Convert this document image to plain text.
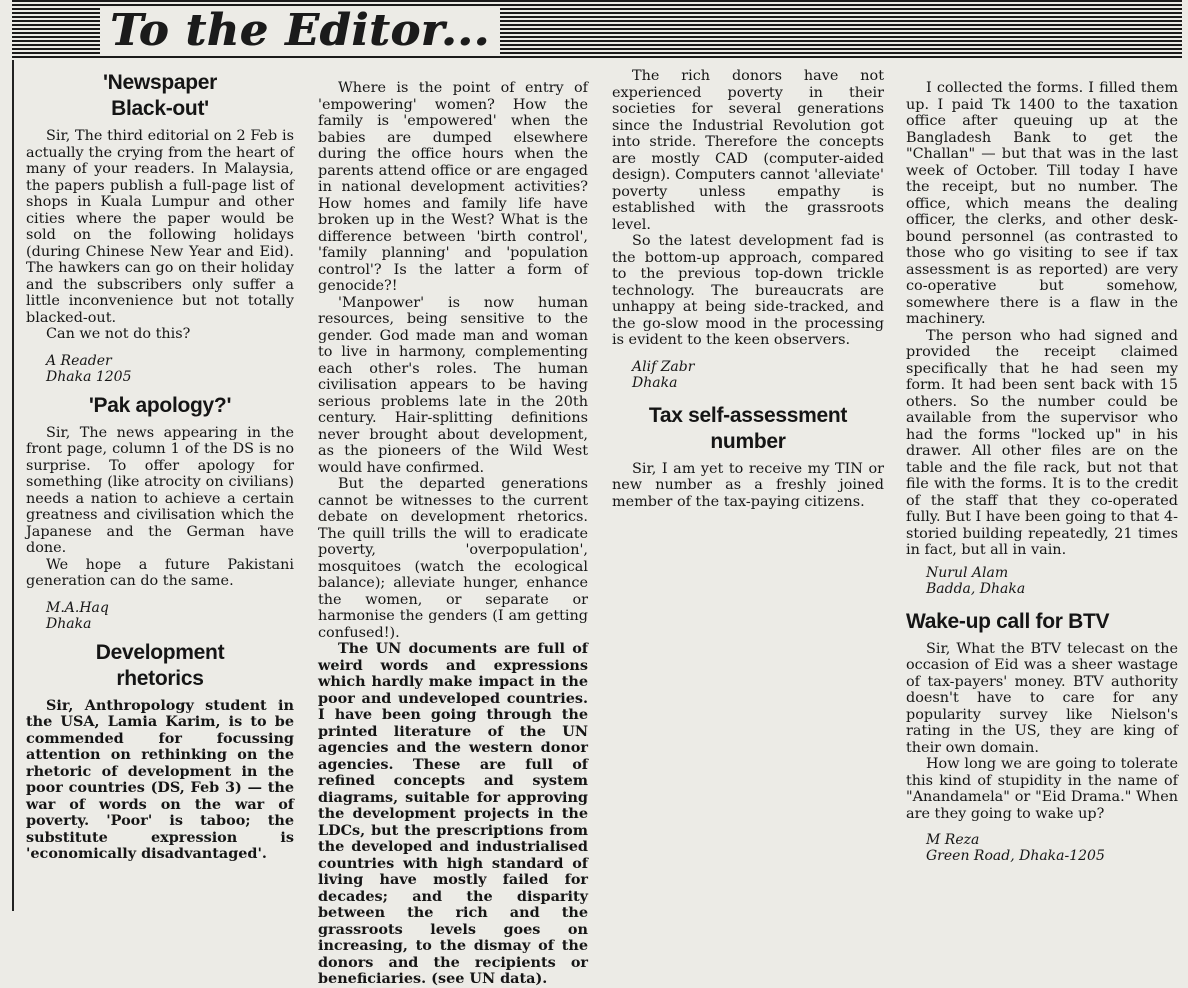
To the Editor...
'Newspaper
Black-out'

Sir, The third editorial on 2 Feb is actually the crying from the heart of many of your readers. In Malaysia, the papers publish a full-page list of shops in Kuala Lumpur and other cities where the paper would be sold on the following holidays (during Chinese New Year and Eid). The hawkers can go on their holiday and the subscribers only suffer a little inconvenience but not totally blacked-out.

Can we not do this?

A Reader

Dhaka 1205

'Pak apology?'

Sir, The news appearing in the front page, column 1 of the DS is no surprise. To offer apology for something (like atrocity on civilians) needs a nation to achieve a certain greatness and civilisation which the Japanese and the German have done.

We hope a future Pakistani generation can do the same.

M.A.Haq

Dhaka

Development
rhetorics

Sir, Anthropology student in the USA, Lamia Karim, is to be commended for focussing attention on rethinking on the rhetoric of development in the poor countries (DS, Feb 3) — the war of words on the war of poverty. 'Poor' is taboo; the substitute expression is 'economically disadvantaged'.

Where is the point of entry of 'empowering' women? How the family is 'empowered' when the babies are dumped elsewhere during the office hours when the parents attend office or are engaged in national development activities? How homes and family life have broken up in the West? What is the difference between 'birth control', 'family planning' and 'population control'? Is the latter a form of genocide?!

'Manpower' is now human resources, being sensitive to the gender. God made man and woman to live in harmony, complementing each other's roles. The human civilisation appears to be having serious problems late in the 20th century. Hair-splitting definitions never brought about development, as the pioneers of the Wild West would have confirmed.

But the departed generations cannot be witnesses to the current debate on development rhetorics. The quill trills the will to eradicate poverty, 'overpopulation', mosquitoes (watch the ecological balance); alleviate hunger, enhance the women, or separate or harmonise the genders (I am getting confused!).

The UN documents are full of weird words and expressions which hardly make impact in the poor and undeveloped countries. I have been going through the printed literature of the UN agencies and the western donor agencies. These are full of refined concepts and system diagrams, suitable for approving the development projects in the LDCs, but the prescriptions from the developed and industrialised countries with high standard of living have mostly failed for decades; and the disparity between the rich and the grassroots levels goes on increasing, to the dismay of the donors and the recipients or beneficiaries. (see UN data).

The rich donors have not experienced poverty in their societies for several generations since the Industrial Revolution got into stride. Therefore the concepts are mostly CAD (computer-aided design). Computers cannot 'alleviate' poverty unless empathy is established with the grassroots level.

So the latest development fad is the bottom-up approach, compared to the previous top-down trickle technology. The bureaucrats are unhappy at being side-tracked, and the go-slow mood in the processing is evident to the keen observers.

Alif Zabr

Dhaka

Tax self-assessment
number

Sir, I am yet to receive my TIN or new number as a freshly joined member of the tax-paying citizens.

I collected the forms. I filled them up. I paid Tk 1400 to the taxation office after queuing up at the Bangladesh Bank to get the "Challan" — but that was in the last week of October. Till today I have the receipt, but no number. The office, which means the dealing officer, the clerks, and other desk-bound personnel (as contrasted to those who go visiting to see if tax assessment is as reported) are very co-operative but somehow, somewhere there is a flaw in the machinery.

The person who had signed and provided the receipt claimed specifically that he had seen my form. It had been sent back with 15 others. So the number could be available from the supervisor who had the forms "locked up" in his drawer. All other files are on the table and the file rack, but not that file with the forms. It is to the credit of the staff that they co-operated fully. But I have been going to that 4-storied building repeatedly, 21 times in fact, but all in vain.

Nurul Alam

Badda, Dhaka

Wake-up call for BTV

Sir, What the BTV telecast on the occasion of Eid was a sheer wastage of tax-payers' money. BTV authority doesn't have to care for any popularity survey like Nielson's rating in the US, they are king of their own domain.

How long we are going to tolerate this kind of stupidity in the name of "Anandamela" or "Eid Drama." When are they going to wake up?

M Reza

Green Road, Dhaka-1205
